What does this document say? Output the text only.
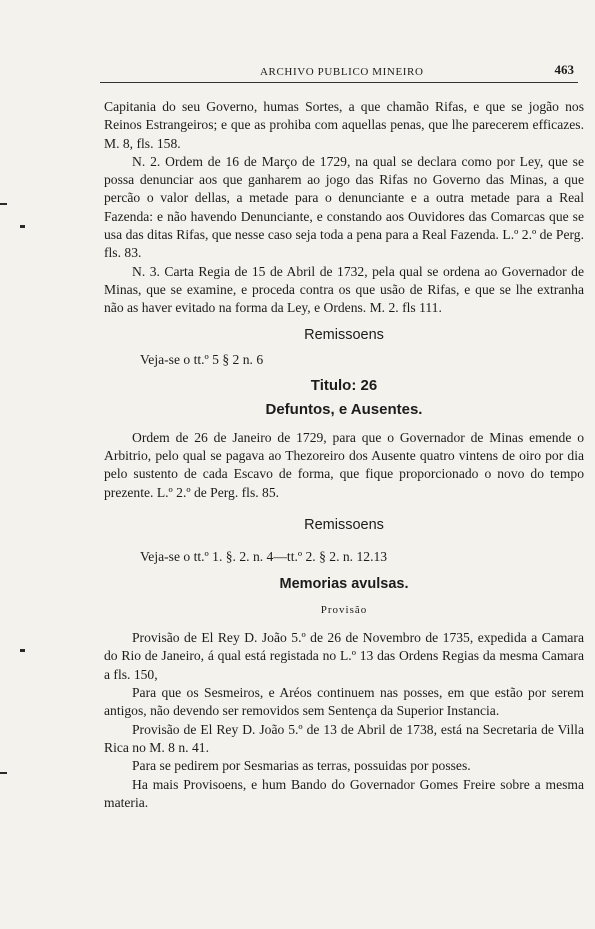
ARCHIVO PUBLICO MINEIRO	463

Capitania do seu Governo, humas Sortes, a que chamão Rifas, e que se jogão nos Reinos Estrangeiros; e que as prohiba com aquellas penas, que lhe parecerem efficazes. M. 8, fls. 158.

N. 2. Ordem de 16 de Março de 1729, na qual se declara como por Ley, que se possa denunciar aos que ganharem ao jogo das Rifas no Governo das Minas, a que percão o valor dellas, a metade para o denunciante e a outra metade para a Real Fazenda: e não havendo Denunciante, e constando aos Ouvidores das Comarcas que se usa das ditas Rifas, que nesse caso seja toda a pena para a Real Fazenda. L.º 2.º de Perg. fls. 83.

N. 3. Carta Regia de 15 de Abril de 1732, pela qual se ordena ao Governador de Minas, que se examine, e proceda contra os que usão de Rifas, e que se lhe extranha não as haver evitado na forma da Ley, e Ordens. M. 2. fls 111.

Remissoens

Veja-se o tt.º 5 § 2 n. 6

Titulo: 26

Defuntos, e Ausentes.

Ordem de 26 de Janeiro de 1729, para que o Governador de Minas emende o Arbitrio, pelo qual se pagava ao Thezoreiro dos Ausente quatro vintens de oiro por dia pelo sustento de cada Escavo de forma, que fique proporcionado o novo do tempo prezente. L.º 2.º de Perg. fls. 85.

Remissoens

Veja-se o tt.º 1. §. 2. n. 4—tt.º 2. § 2. n. 12.13

Memorias avulsas.

Provisão

Provisão de El Rey D. João 5.º de 26 de Novembro de 1735, expedida a Camara do Rio de Janeiro, á qual está registada no L.º 13 das Ordens Regias da mesma Camara a fls. 150,

Para que os Sesmeiros, e Aréos continuem nas posses, em que estão por serem antigos, não devendo ser removidos sem Sentença da Superior Instancia.

Provisão de El Rey D. João 5.º de 13 de Abril de 1738, está na Secretaria de Villa Rica no M. 8 n. 41.

Para se pedirem por Sesmarias as terras, possuidas por posses.

Ha mais Provisoens, e hum Bando do Governador Gomes Freire sobre a mesma materia.
